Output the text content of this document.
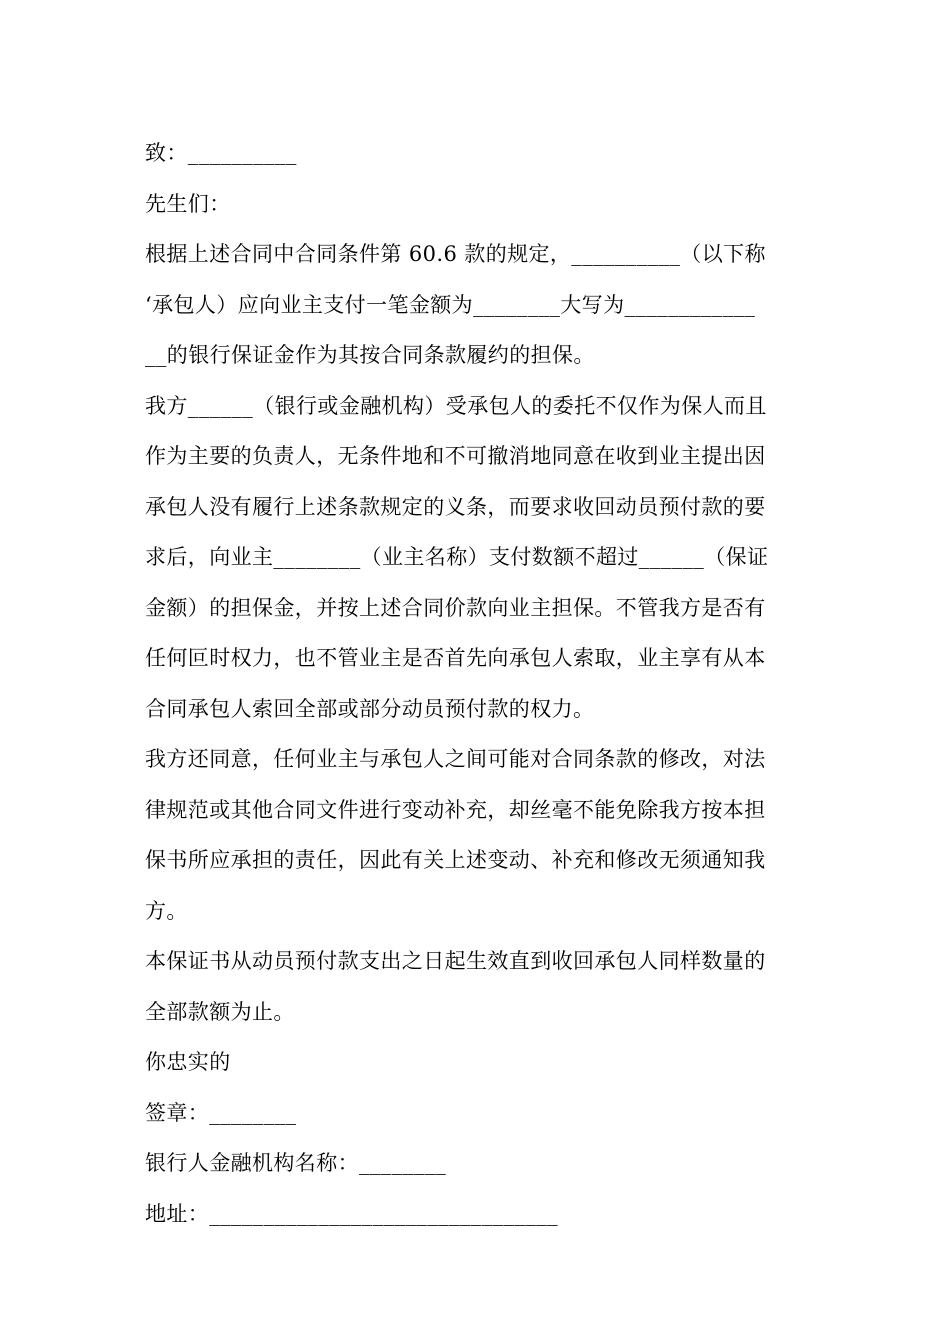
致：__________
先生们：
根据上述合同中合同条件第 60.6 款的规定，__________（以下称
‘承包人）应向业主支付一笔金额为________大写为____________
__的银行保证金作为其按合同条款履约的担保。
我方______（银行或金融机构）受承包人的委托不仅作为保人而且
作为主要的负责人，无条件地和不可撤消地同意在收到业主提出因
承包人没有履行上述条款规定的义条，而要求收回动员预付款的要
求后，向业主________（业主名称）支付数额不超过______（保证
金额）的担保金，并按上述合同价款向业主担保。不管我方是否有
任何叵时权力，也不管业主是否首先向承包人索取，业主享有从本
合同承包人索回全部或部分动员预付款的权力。
我方还同意，任何业主与承包人之间可能对合同条款的修改，对法
律规范或其他合同文件进行变动补充，却丝毫不能免除我方按本担
保书所应承担的责任，因此有关上述变动、补充和修改无须通知我
方。
本保证书从动员预付款支出之日起生效直到收回承包人同样数量的
全部款额为止。
你忠实的
签章：________
银行人金融机构名称：________
地址：________________________________
